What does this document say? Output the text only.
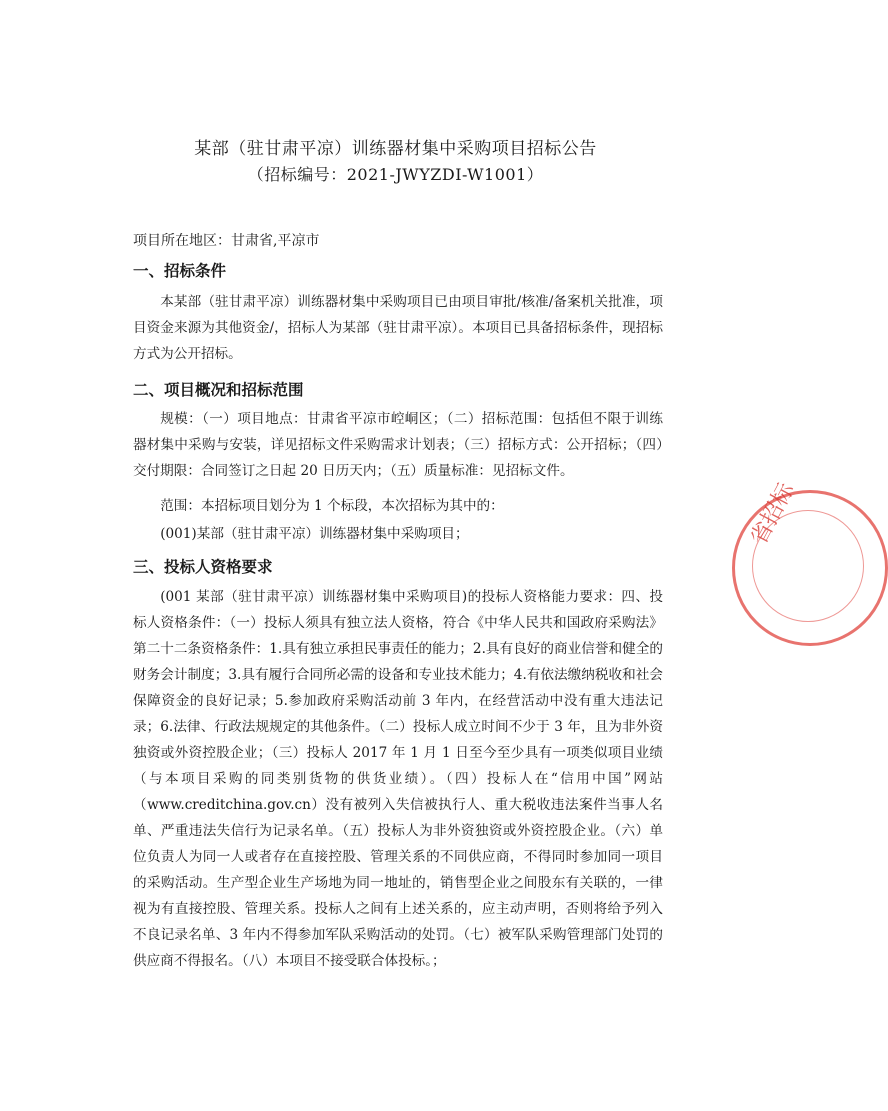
某部（驻甘肃平凉）训练器材集中采购项目招标公告
（招标编号：2021-JWYZDI-W1001）
项目所在地区：甘肃省,平凉市
一、招标条件
本某部（驻甘肃平凉）训练器材集中采购项目已由项目审批/核准/备案机关批准，项目资金来源为其他资金/，招标人为某部（驻甘肃平凉）。本项目已具备招标条件，现招标方式为公开招标。
二、项目概况和招标范围
规模：（一）项目地点：甘肃省平凉市崆峒区；（二）招标范围：包括但不限于训练器材集中采购与安装，详见招标文件采购需求计划表；（三）招标方式：公开招标；（四）交付期限：合同签订之日起 20 日历天内；（五）质量标准：见招标文件。
范围：本招标项目划分为 1 个标段，本次招标为其中的：
(001)某部（驻甘肃平凉）训练器材集中采购项目；
三、投标人资格要求
(001 某部（驻甘肃平凉）训练器材集中采购项目)的投标人资格能力要求：四、投标人资格条件：（一）投标人须具有独立法人资格，符合《中华人民共和国政府采购法》第二十二条资格条件：1.具有独立承担民事责任的能力；2.具有良好的商业信誉和健全的财务会计制度；3.具有履行合同所必需的设备和专业技术能力；4.有依法缴纳税收和社会保障资金的良好记录；5.参加政府采购活动前 3 年内，在经营活动中没有重大违法记录；6.法律、行政法规规定的其他条件。（二）投标人成立时间不少于 3 年，且为非外资独资或外资控股企业；（三）投标人 2017 年 1 月 1 日至今至少具有一项类似项目业绩（与本项目采购的同类别货物的供货业绩）。（四）投标人在“信用中国”网站（www.creditchina.gov.cn）没有被列入失信被执行人、重大税收违法案件当事人名单、严重违法失信行为记录名单。（五）投标人为非外资独资或外资控股企业。（六）单位负责人为同一人或者存在直接控股、管理关系的不同供应商，不得同时参加同一项目的采购活动。生产型企业生产场地为同一地址的，销售型企业之间股东有关联的，一律视为有直接控股、管理关系。投标人之间有上述关系的，应主动声明，否则将给予列入不良记录名单、3 年内不得参加军队采购活动的处罚。（七）被军队采购管理部门处罚的供应商不得报名。（八）本项目不接受联合体投标。；
省招标
